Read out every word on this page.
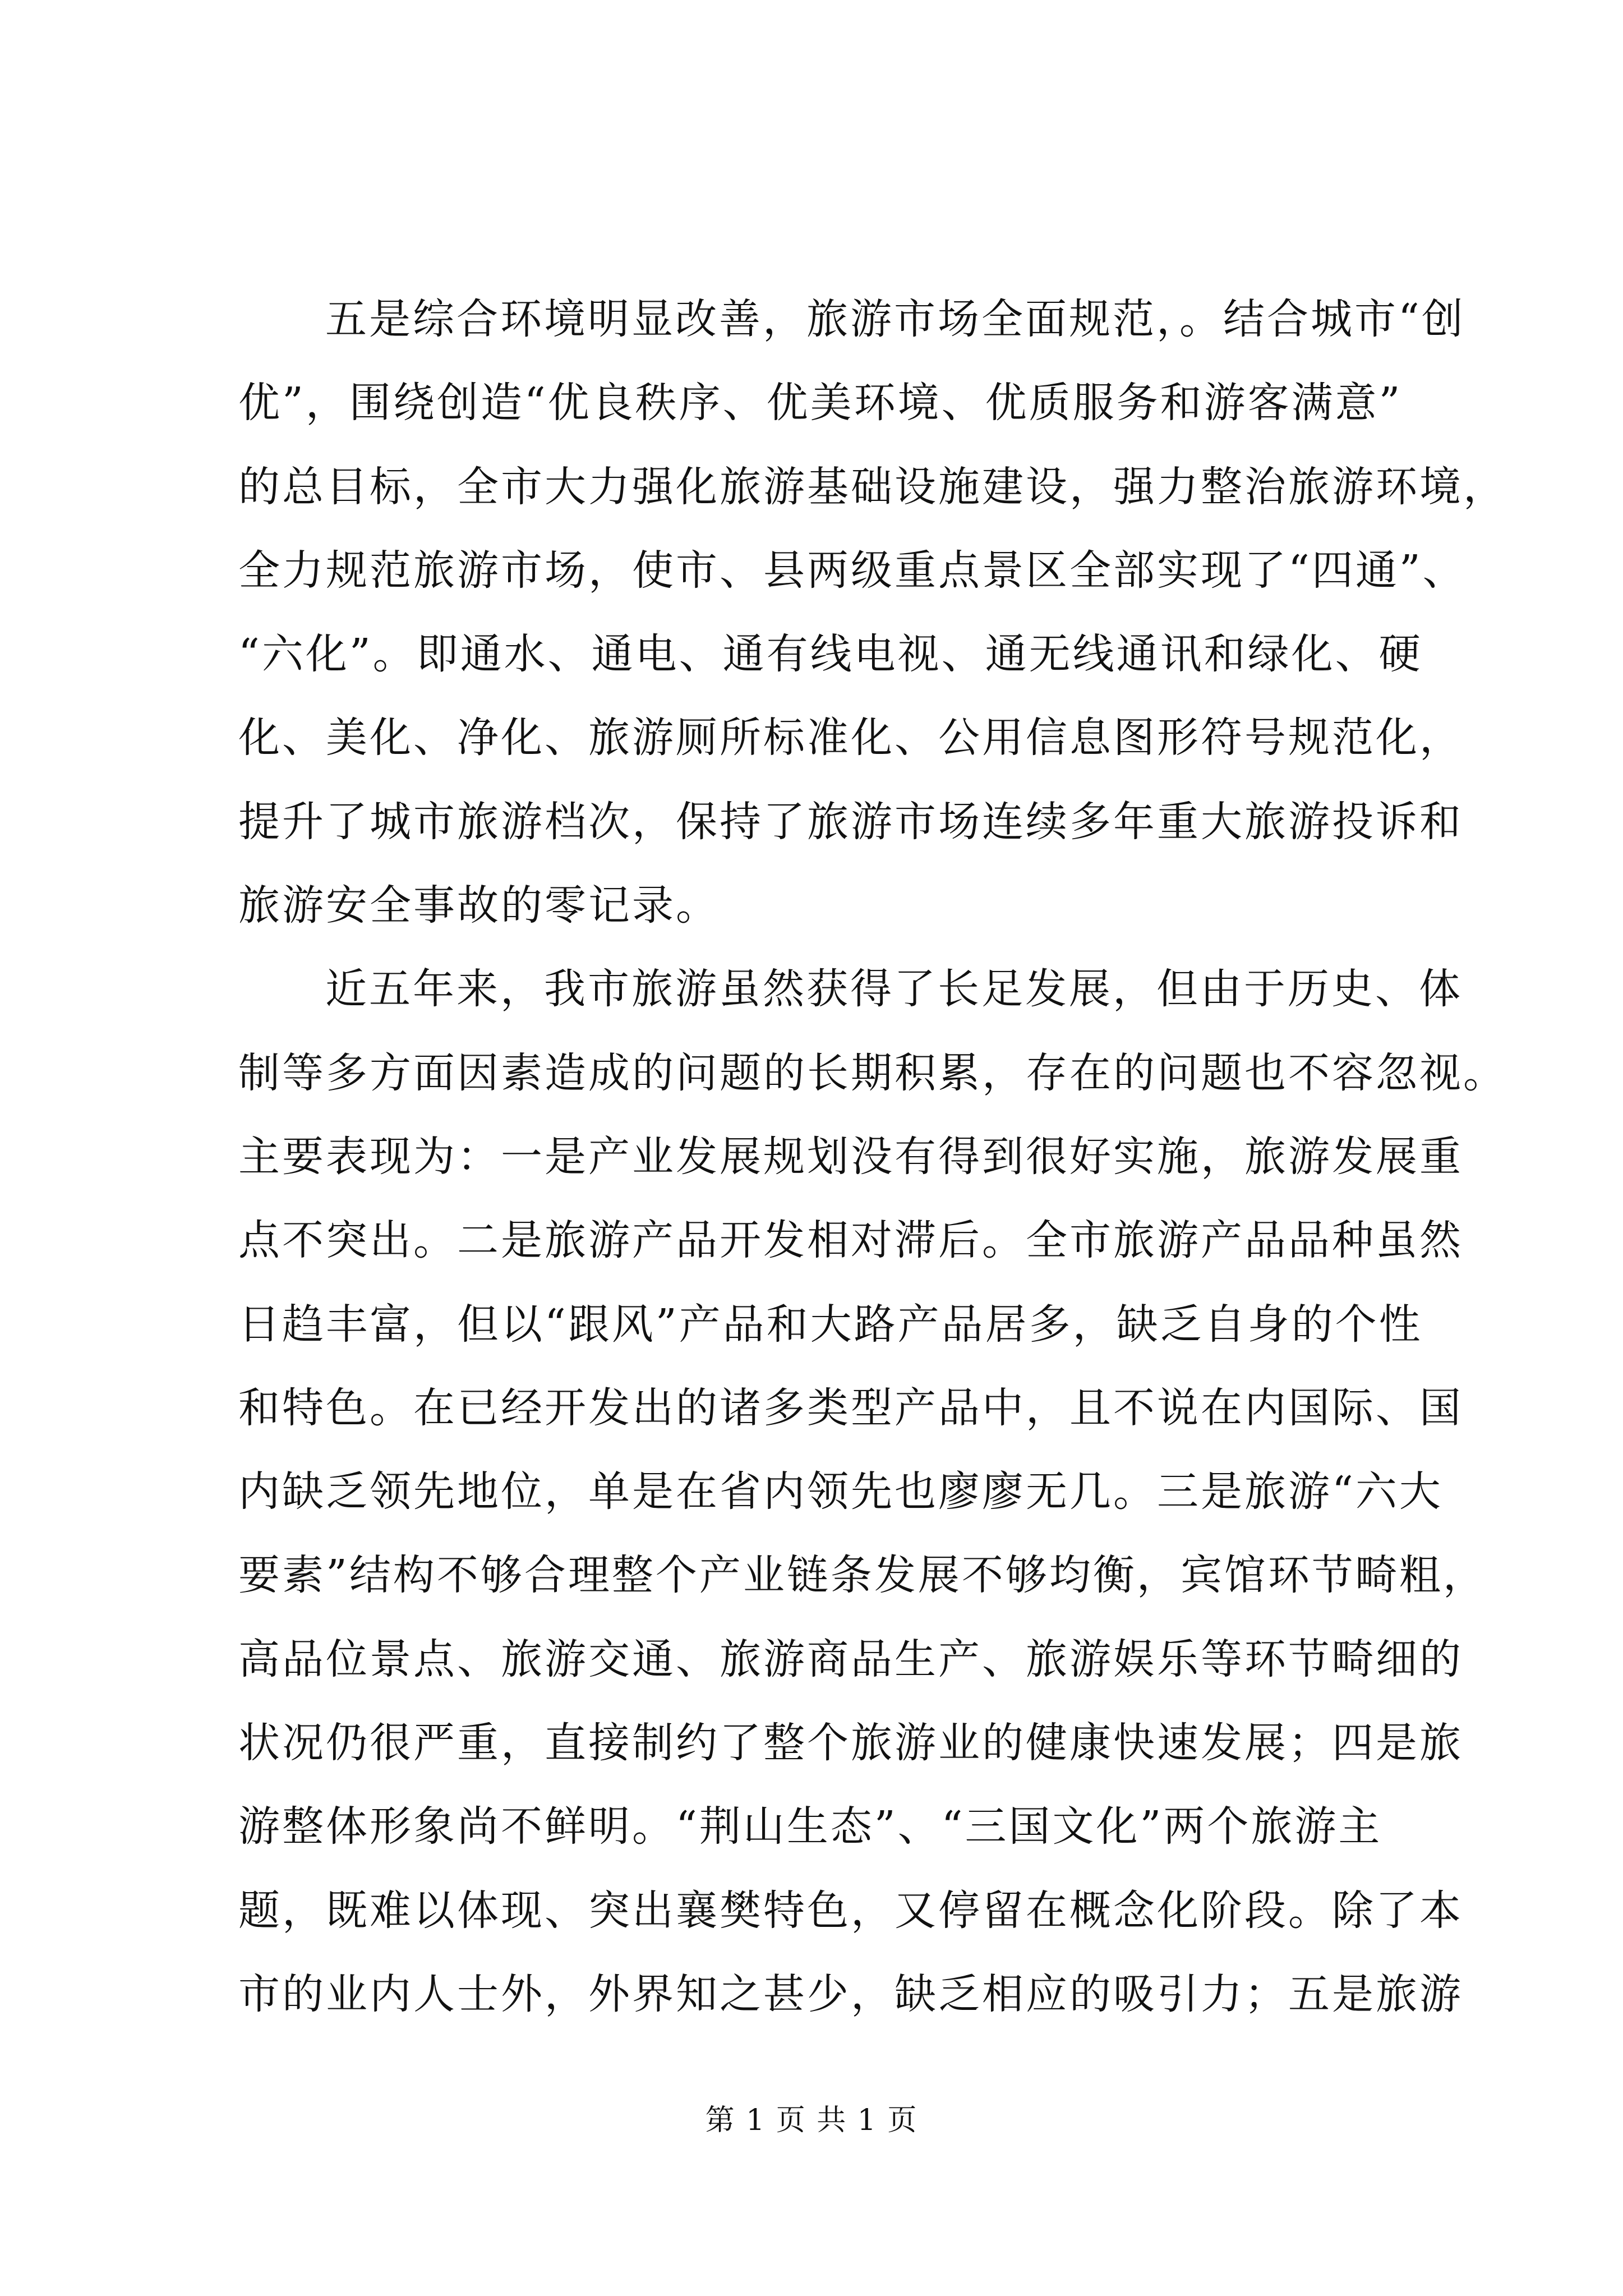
五是综合环境明显改善，旅游市场全面规范，。结合城市“创
优”，围绕创造“优良秩序、优美环境、优质服务和游客满意”
的总目标，全市大力强化旅游基础设施建设，强力整治旅游环境，
全力规范旅游市场，使市、县两级重点景区全部实现了“四通”、
“六化”。即通水、通电、通有线电视、通无线通讯和绿化、硬
化、美化、净化、旅游厕所标准化、公用信息图形符号规范化，
提升了城市旅游档次，保持了旅游市场连续多年重大旅游投诉和
旅游安全事故的零记录。
近五年来，我市旅游虽然获得了长足发展，但由于历史、体
制等多方面因素造成的问题的长期积累，存在的问题也不容忽视。
主要表现为：一是产业发展规划没有得到很好实施，旅游发展重
点不突出。二是旅游产品开发相对滞后。全市旅游产品品种虽然
日趋丰富，但以“跟风”产品和大路产品居多，缺乏自身的个性
和特色。在已经开发出的诸多类型产品中，且不说在内国际、国
内缺乏领先地位，单是在省内领先也廖廖无几。三是旅游“六大
要素”结构不够合理整个产业链条发展不够均衡，宾馆环节畸粗，
高品位景点、旅游交通、旅游商品生产、旅游娱乐等环节畸细的
状况仍很严重，直接制约了整个旅游业的健康快速发展；四是旅
游整体形象尚不鲜明。“荆山生态”、“三国文化”两个旅游主
题，既难以体现、突出襄樊特色，又停留在概念化阶段。除了本
市的业内人士外，外界知之甚少，缺乏相应的吸引力；五是旅游
第 1 页 共 1 页
